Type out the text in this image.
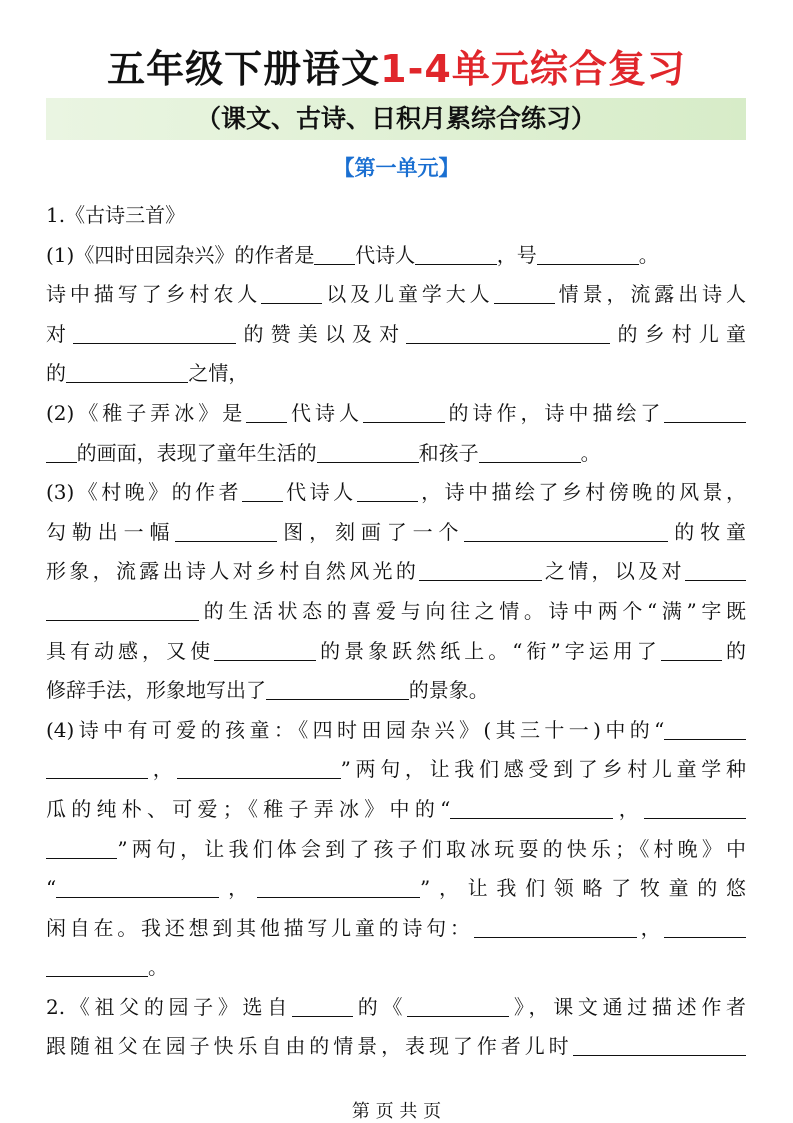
五年级下册语文1-4单元综合复习
（课文、古诗、日积月累综合练习）
【第一单元】
1.《古诗三首》
(1)《四时田园杂兴》的作者是 代诗人	，号	。
诗中描写了乡村农人	以及儿童学大人	情景，流露出诗人
对	的赞美以及对	的乡村儿童
的	之情，
(2)《稚子弄冰》是 代诗人	的诗作，诗中描绘了
的画面，表现了童年生活的	和孩子	。
(3)《村晚》的作者 代诗人	，诗中描绘了乡村傍晚的风景，
勾勒出一幅	图，刻画了一个	的牧童
形象，流露出诗人对乡村自然风光的	之情，以及对
的生活状态的喜爱与向往之情。诗中两个“满”字既
具有动感，又使	的景象跃然纸上。“衔”字运用了	的
修辞手法，形象地写出了	的景象。
(4)诗中有可爱的孩童：《四时田园杂兴》(其三十一)中的“
，	”两句，让我们感受到了乡村儿童学种
瓜的纯朴、可爱；《稚子弄冰》中的“	，
”两句，让我们体会到了孩子们取冰玩耍的快乐；《村晚》中
“	，	”，让我们领略了牧童的悠
闲自在。我还想到其他描写儿童的诗句：	，
。
2.《祖父的园子》选自	的《	》，课文通过描述作者
跟随祖父在园子快乐自由的情景，表现了作者儿时
第 页 共 页
